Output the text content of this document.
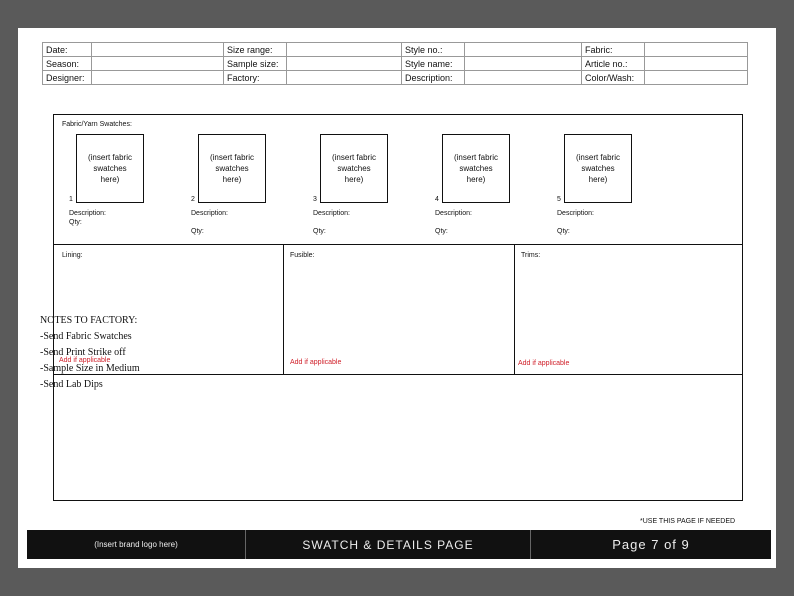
Date:		Size range:		Style no.:		Fabric:	
Season:		Sample size:		Style name:		Article no.:	
Designer:		Factory:		Description:		Color/Wash:	
Fabric/Yarn Swatches:
(insert fabric swatches here)
1
Description:
Qty:
(insert fabric swatches here)
2
Description:
Qty:
(insert fabric swatches here)
3
Description:
Qty:
(insert fabric swatches here)
4
Description:
Qty:
(insert fabric swatches here)
5
Description:
Qty:
Lining:
Add if applicable
Fusible:
Add if applicable
Trims:
Add if applicable
NOTES TO FACTORY:
-Send Fabric Swatches
-Send Print Strike off
-Sample Size in Medium
-Send Lab Dips
*USE THIS PAGE IF NEEDED
(Insert brand logo here)	SWATCH & DETAILS PAGE	Page 7 of 9
